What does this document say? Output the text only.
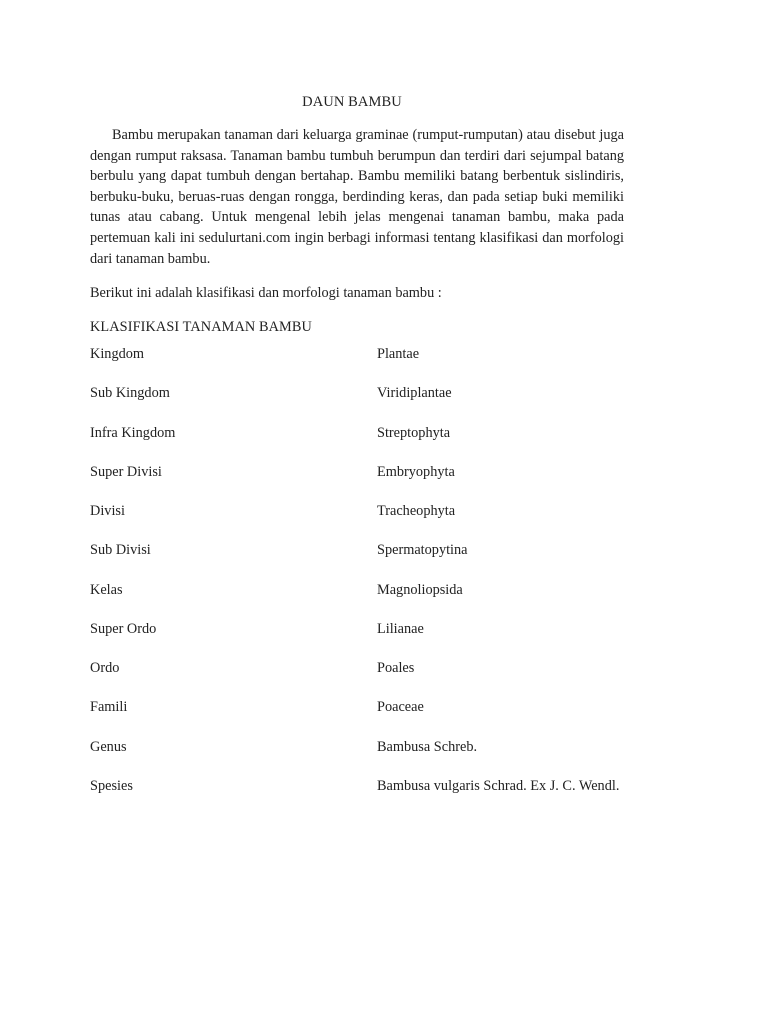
DAUN BAMBU

Bambu merupakan tanaman dari keluarga graminae (rumput-rumputan) atau disebut juga dengan rumput raksasa. Tanaman bambu tumbuh berumpun dan terdiri dari sejumpal batang berbulu yang dapat tumbuh dengan bertahap. Bambu memiliki batang berbentuk sislindiris, berbuku-buku, beruas-ruas dengan rongga, berdinding keras, dan pada setiap buki memiliki tunas atau cabang. Untuk mengenal lebih jelas mengenai tanaman bambu, maka pada pertemuan kali ini sedulurtani.com ingin berbagi informasi tentang klasifikasi dan morfologi dari tanaman bambu.

Berikut ini adalah klasifikasi dan morfologi tanaman bambu :

KLASIFIKASI TANAMAN BAMBU

Kingdom	Plantae
Sub Kingdom	Viridiplantae
Infra Kingdom	Streptophyta
Super Divisi	Embryophyta
Divisi	Tracheophyta
Sub Divisi	Spermatopytina
Kelas	Magnoliopsida
Super Ordo	Lilianae
Ordo	Poales
Famili	Poaceae
Genus	Bambusa Schreb.
Spesies	Bambusa vulgaris Schrad. Ex J. C. Wendl.
